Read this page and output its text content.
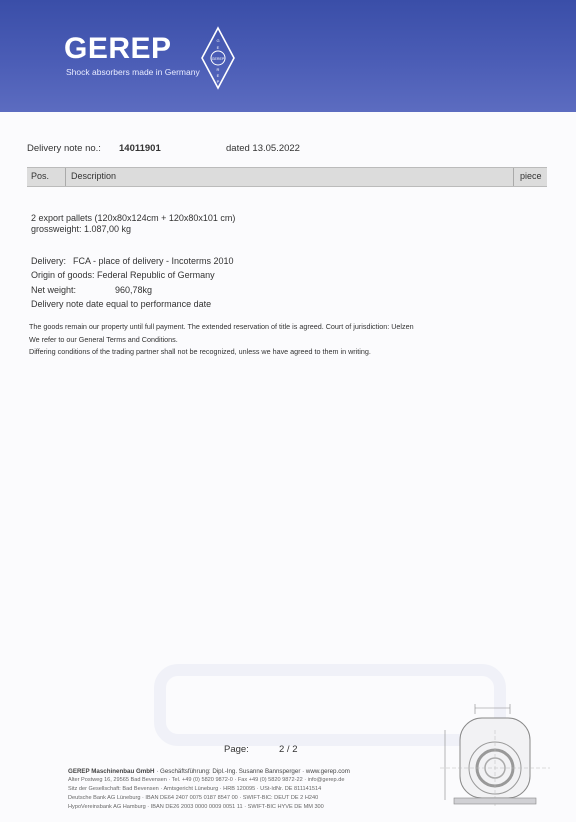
GEREP
Shock absorbers made in Germany
GEREP
G
E
R
E
P
Delivery note no.: 14011901	dated 13.05.2022
Pos. Description	piece
2 export pallets (120x80x124cm + 120x80x101 cm)
grossweight: 1.087,00 kg
Delivery: FCA - place of delivery - Incoterms 2010
Origin of goods: Federal Republic of Germany
Net weight:	960,78kg
Delivery note date equal to performance date
The goods remain our property until full payment. The extended reservation of title is agreed. Court of jurisdiction: Uelzen
We refer to our General Terms and Conditions.
Differing conditions of the trading partner shall not be recognized, unless we have agreed to them in writing.
Page:	2 / 2
GEREP Maschinenbau GmbH · Geschäftsführung: Dipl.-Ing. Susanne Bannsperger · www.gerep.com
Alter Postweg 16, 29565 Bad Bevensen · Tel. +49 (0) 5820 9872-0 · Fax +49 (0) 5820 9872-22 · info@gerep.de
Sitz der Gesellschaft: Bad Bevensen · Amtsgericht Lüneburg · HRB 120095 · USt-IdNr. DE 811141514
Deutsche Bank AG Lüneburg · IBAN DE64 2407 0075 0187 8547 00 · SWIFT-BIC: DEUT DE 2 H240
HypoVereinsbank AG Hamburg · IBAN DE26 2003 0000 0009 0051 11 · SWIFT-BIC HYVE DE MM 300
